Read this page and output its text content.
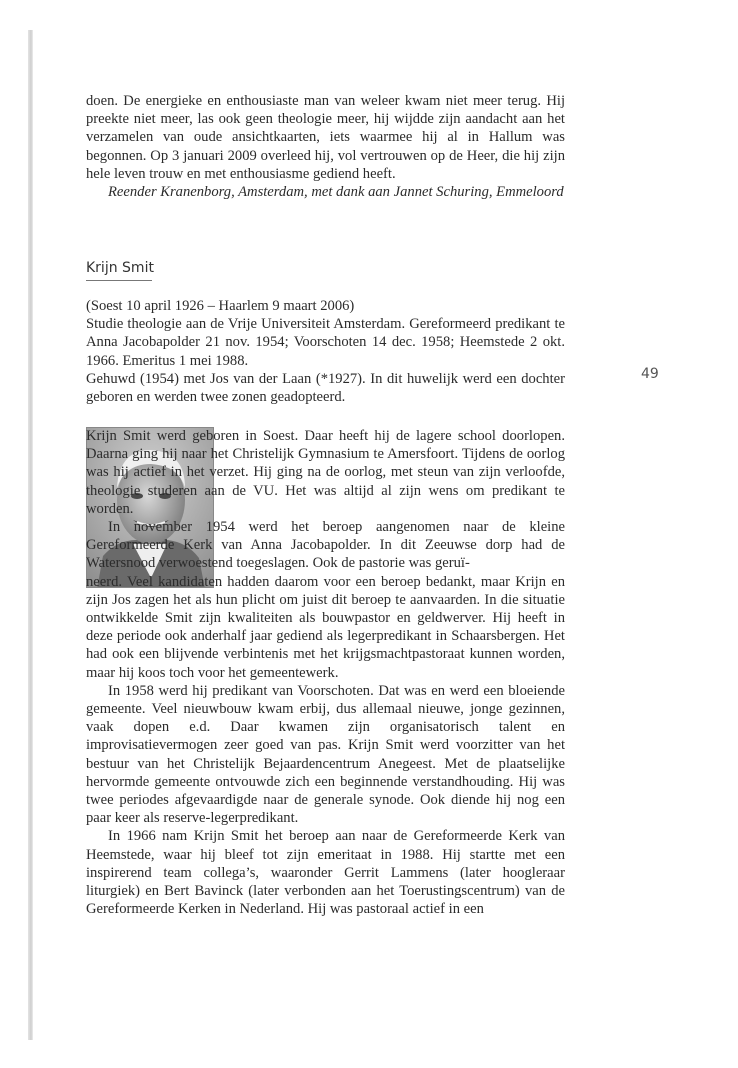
doen. De energieke en enthousiaste man van weleer kwam niet meer terug. Hij preekte niet meer, las ook geen theologie meer, hij wijdde zijn aandacht aan het verzamelen van oude ansichtkaarten, iets waarmee hij al in Hallum was begonnen. Op 3 januari 2009 overleed hij, vol vertrouwen op de Heer, die hij zijn hele leven trouw en met enthousiasme gediend heeft.

Reender Kranenborg, Amsterdam, met dank aan Jannet Schuring, Emmeloord

Krijn Smit

(Soest 10 april 1926 – Haarlem 9 maart 2006)

Studie theologie aan de Vrije Universiteit Amsterdam. Gereformeerd predikant te Anna Jacobapolder 21 nov. 1954; Voorschoten 14 dec. 1958; Heemstede 2 okt. 1966. Emeritus 1 mei 1988.

Gehuwd (1954) met Jos van der Laan (*1927). In dit huwelijk werd een dochter geboren en werden twee zonen geadopteerd.

49

Krijn Smit werd geboren in Soest. Daar heeft hij de lagere school doorlopen. Daarna ging hij naar het Christelijk Gymnasium te Amersfoort. Tijdens de oorlog was hij actief in het verzet. Hij ging na de oorlog, met steun van zijn verloofde, theologie studeren aan de VU. Het was altijd al zijn wens om predikant te worden.

In november 1954 werd het beroep aangenomen naar de kleine Gereformeerde Kerk van Anna Jacobapolder. In dit Zeeuwse dorp had de Watersnood verwoestend toegeslagen. Ook de pastorie was geruï-

neerd. Veel kandidaten hadden daarom voor een beroep bedankt, maar Krijn en zijn Jos zagen het als hun plicht om juist dit beroep te aanvaarden. In die situatie ontwikkelde Smit zijn kwaliteiten als bouwpastor en geldwerver. Hij heeft in deze periode ook anderhalf jaar gediend als legerpredikant in Schaarsbergen. Het had ook een blijvende verbintenis met het krijgsmachtpastoraat kunnen worden, maar hij koos toch voor het gemeentewerk.

In 1958 werd hij predikant van Voorschoten. Dat was en werd een bloeiende gemeente. Veel nieuwbouw kwam erbij, dus allemaal nieuwe, jonge gezinnen, vaak dopen e.d. Daar kwamen zijn organisatorisch talent en improvisatievermogen zeer goed van pas. Krijn Smit werd voorzitter van het bestuur van het Christelijk Bejaardencentrum Anegeest. Met de plaatselijke hervormde gemeente ontvouwde zich een beginnende verstandhouding. Hij was twee periodes afgevaardigde naar de generale synode. Ook diende hij nog een paar keer als reserve-legerpredikant.

In 1966 nam Krijn Smit het beroep aan naar de Gereformeerde Kerk van Heemstede, waar hij bleef tot zijn emeritaat in 1988. Hij startte met een inspirerend team collega’s, waaronder Gerrit Lammens (later hoogleraar liturgiek) en Bert Bavinck (later verbonden aan het Toerustingscentrum) van de Gereformeerde Kerken in Nederland. Hij was pastoraal actief in een
